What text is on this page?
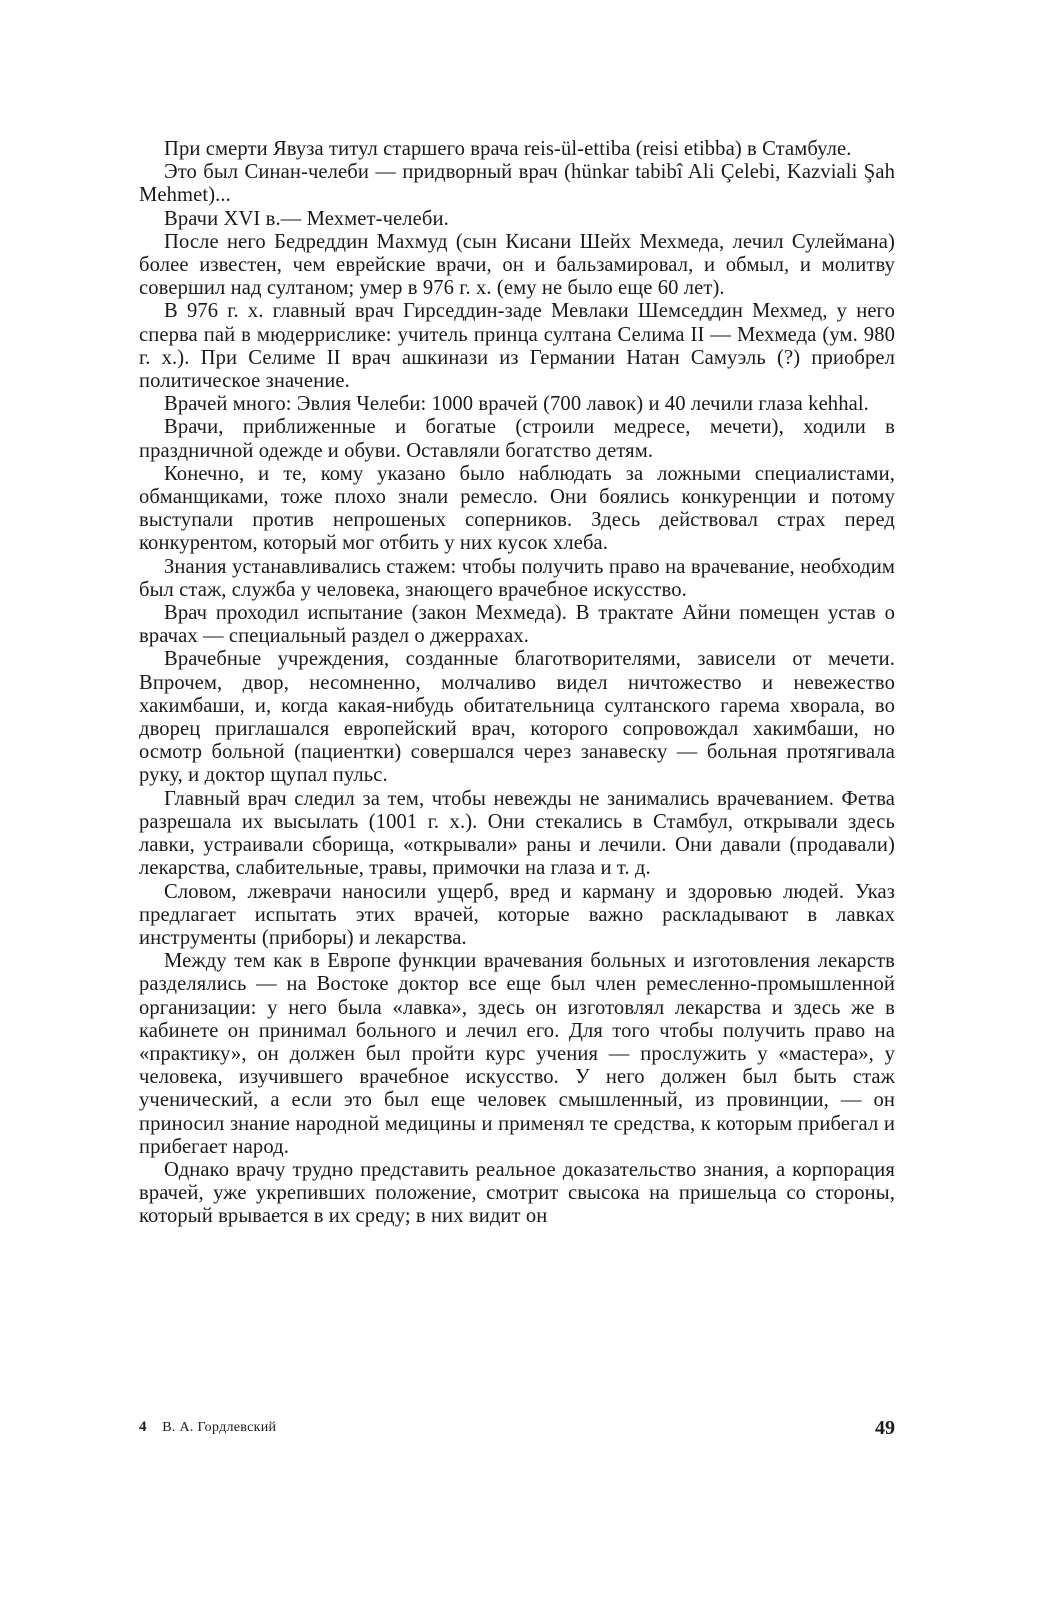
При смерти Явуза титул старшего врача reis-ül-ettiba (reisi etibba) в Стамбуле.

Это был Синан-челеби — придворный врач (hünkar tabibî Ali Çelebi, Kazviali Şah Mehmet)...

Врачи XVI в.— Мехмет-челеби.

После него Бедреддин Махмуд (сын Кисани Шейх Мехмеда, лечил Сулеймана) более известен, чем еврейские врачи, он и бальзамировал, и обмыл, и молитву совершил над султаном; умер в 976 г. х. (ему не было еще 60 лет).

В 976 г. х. главный врач Гирседдин-заде Мевлаки Шемседдин Мехмед, у него сперва пай в мюдеррислике: учитель принца султана Селима II — Мехмеда (ум. 980 г. х.). При Селиме II врач ашкинази из Германии Натан Самуэль (?) приобрел политическое значение.

Врачей много: Эвлия Челеби: 1000 врачей (700 лавок) и 40 лечили глаза kehhal.

Врачи, приближенные и богатые (строили медресе, мечети), ходили в праздничной одежде и обуви. Оставляли богатство детям.

Конечно, и те, кому указано было наблюдать за ложными специалистами, обманщиками, тоже плохо знали ремесло. Они боялись конкуренции и потому выступали против непрошеных соперников. Здесь действовал страх перед конкурентом, который мог отбить у них кусок хлеба.

Знания устанавливались стажем: чтобы получить право на врачевание, необходим был стаж, служба у человека, знающего врачебное искусство.

Врач проходил испытание (закон Мехмеда). В трактате Айни помещен устав о врачах — специальный раздел о джеррахах.

Врачебные учреждения, созданные благотворителями, зависели от мечети. Впрочем, двор, несомненно, молчаливо видел ничтожество и невежество хакимбаши, и, когда какая-нибудь обитательница султанского гарема хворала, во дворец приглашался европейский врач, которого сопровождал хакимбаши, но осмотр больной (пациентки) совершался через занавеску — больная протягивала руку, и доктор щупал пульс.

Главный врач следил за тем, чтобы невежды не занимались врачеванием. Фетва разрешала их высылать (1001 г. х.). Они стекались в Стамбул, открывали здесь лавки, устраивали сборища, «открывали» раны и лечили. Они давали (продавали) лекарства, слабительные, травы, примочки на глаза и т. д.

Словом, лжеврачи наносили ущерб, вред и карману и здоровью людей. Указ предлагает испытать этих врачей, которые важно раскладывают в лавках инструменты (приборы) и лекарства.

Между тем как в Европе функции врачевания больных и изготовления лекарств разделялись — на Востоке доктор все еще был член ремесленно-промышленной организации: у него была «лавка», здесь он изготовлял лекарства и здесь же в кабинете он принимал больного и лечил его. Для того чтобы получить право на «практику», он должен был пройти курс учения — прослужить у «мастера», у человека, изучившего врачебное искусство. У него должен был быть стаж ученический, а если это был еще человек смышленный, из провинции, — он приносил знание народной медицины и применял те средства, к которым прибегал и прибегает народ.

Однако врачу трудно представить реальное доказательство знания, а корпорация врачей, уже укрепивших положение, смотрит свысока на пришельца со стороны, который врывается в их среду; в них видит он

4 В. А. Гордлевский	49
